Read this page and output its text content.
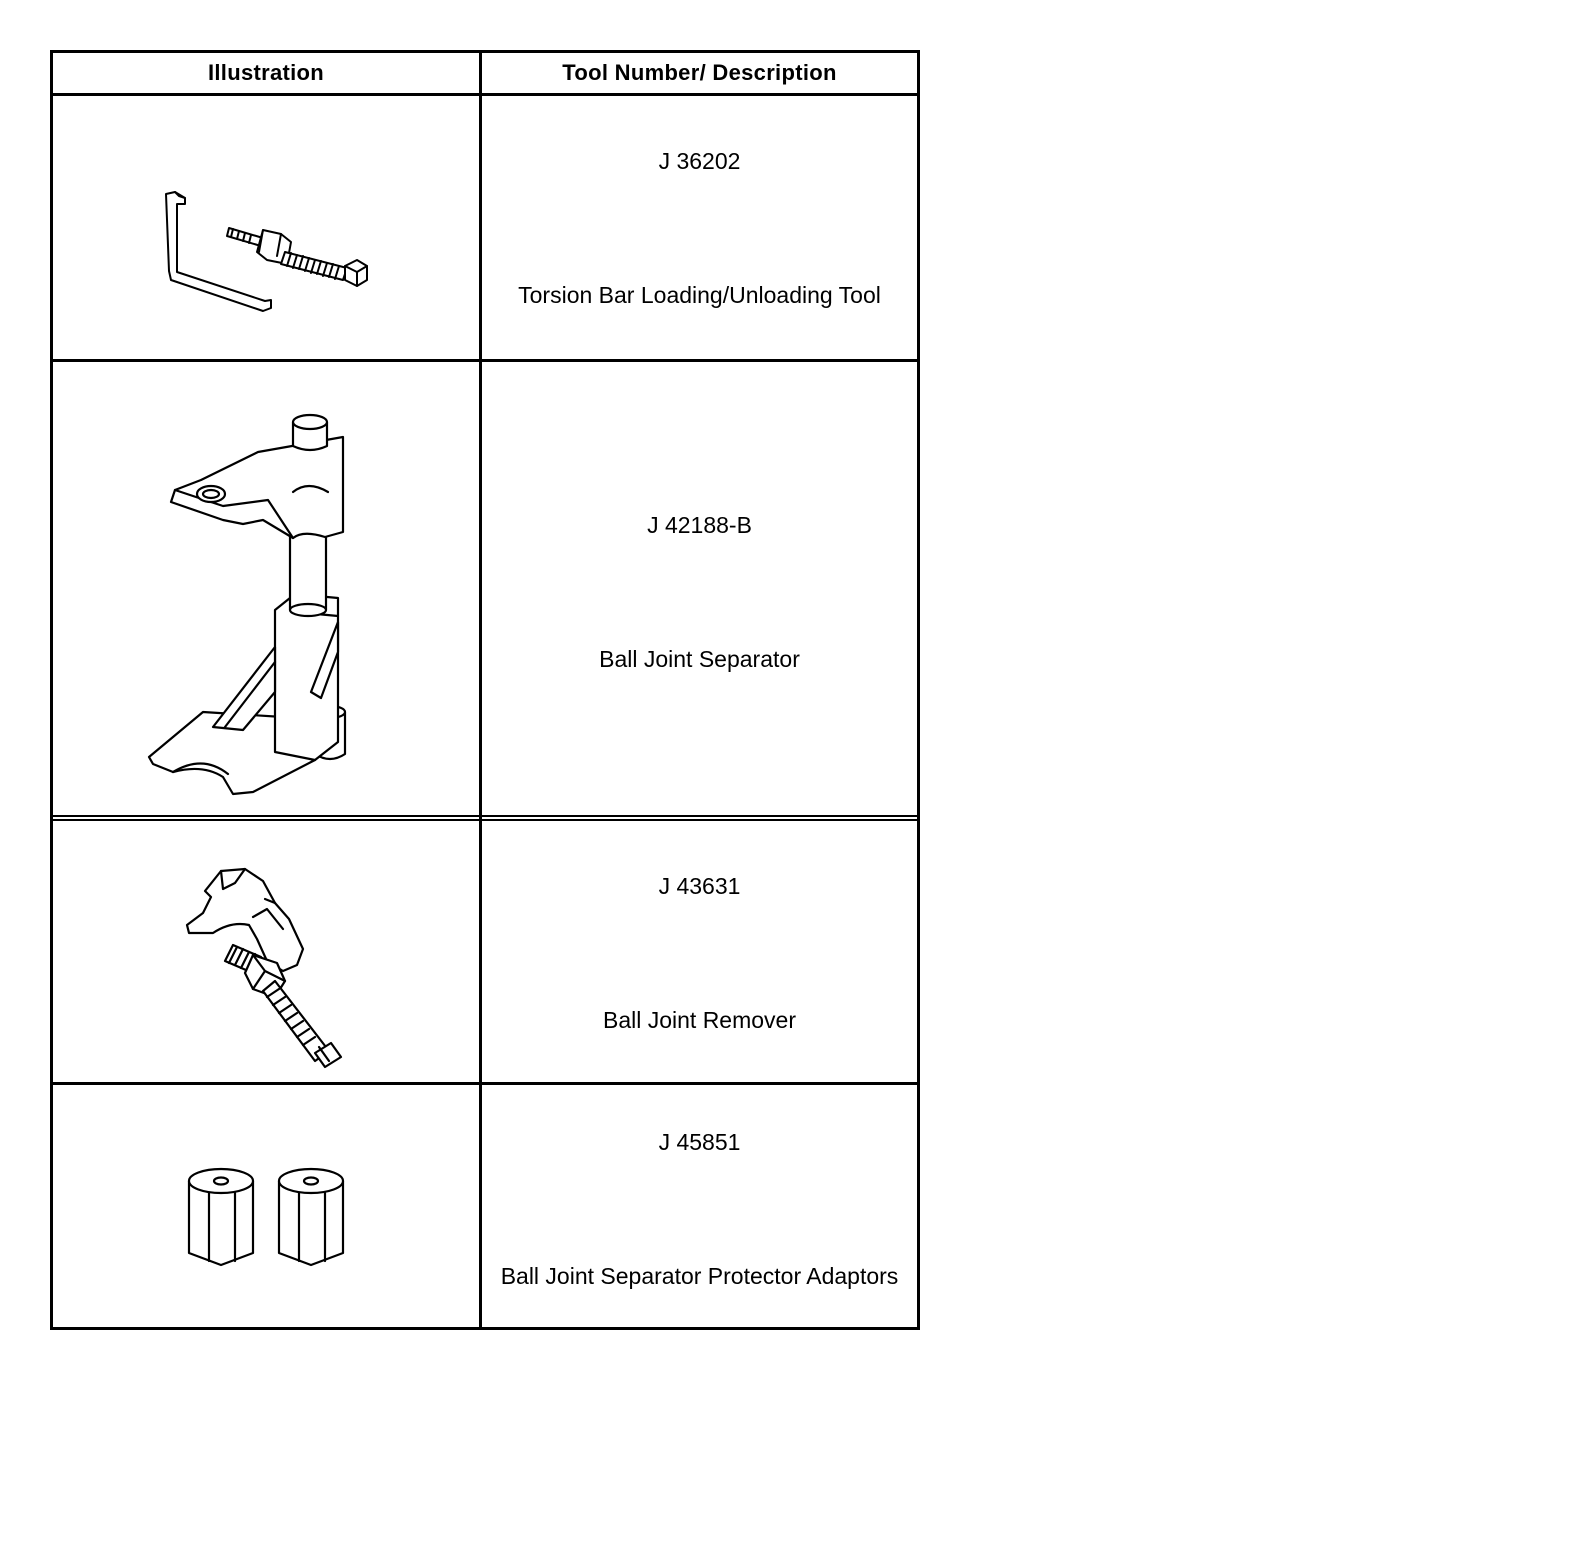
Illustration	Tool Number/ Description
J 36202
Torsion Bar Loading/Unloading Tool
J 42188-B
Ball Joint Separator
J 43631
Ball Joint Remover
J 45851
Ball Joint Separator Protector Adaptors
